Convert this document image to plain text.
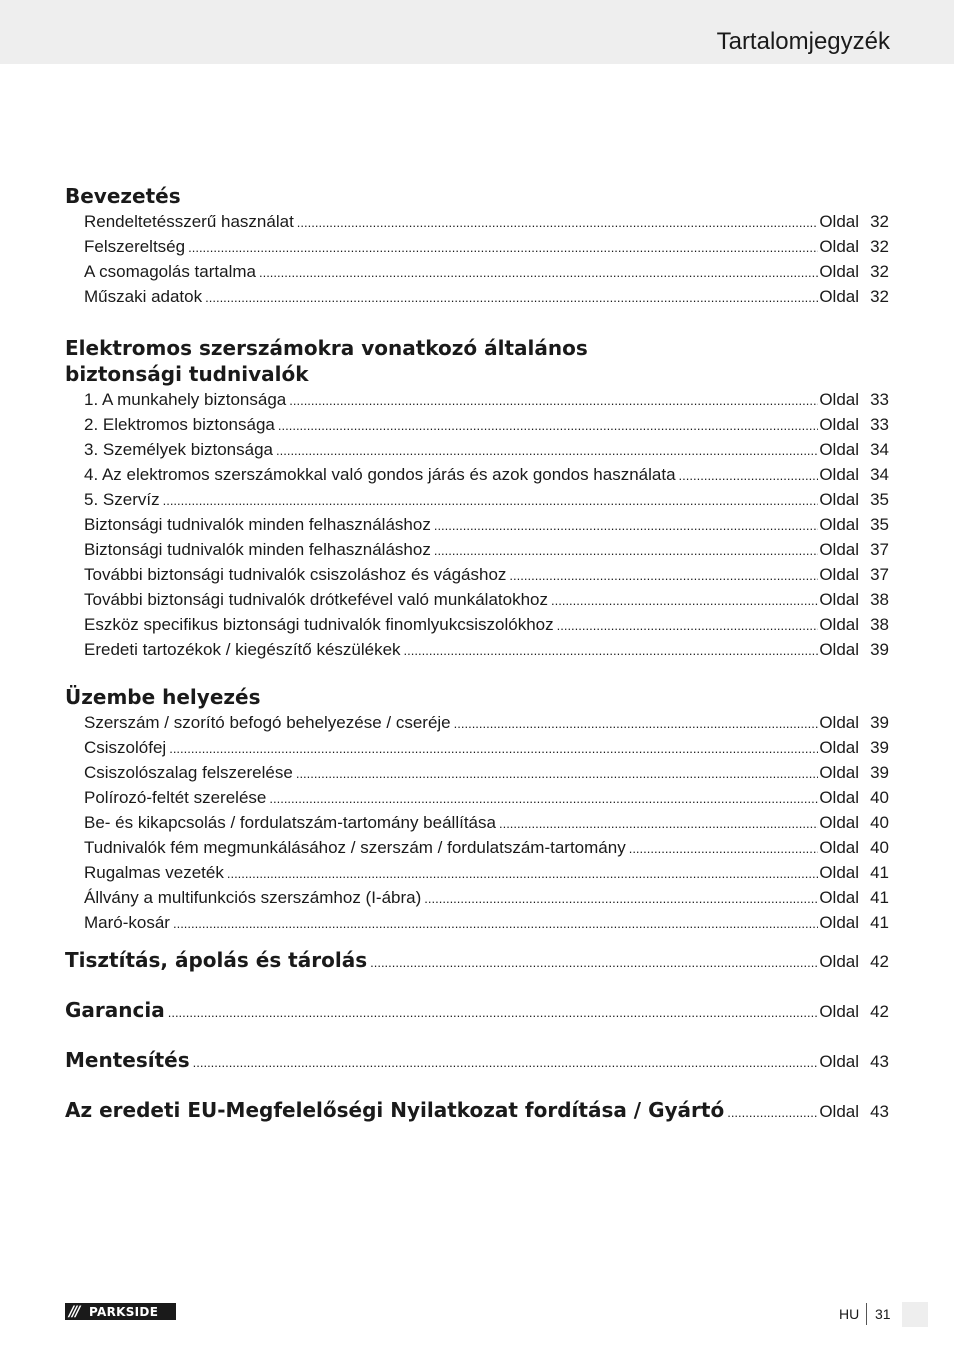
Tartalomjegyzék
Bevezetés
Rendeltetésszerű használat .....	Oldal 32
Felszereltség .....	Oldal 32
A csomagolás tartalma .....	Oldal 32
Műszaki adatok .....	Oldal 32
Elektromos szerszámokra vonatkozó általános
biztonsági tudnivalók
1. A munkahely biztonsága .....	Oldal 33
2. Elektromos biztonsága .....	Oldal 33
3. Személyek biztonsága .....	Oldal 34
4. Az elektromos szerszámokkal való gondos járás és azok gondos használata .....	Oldal 34
5. Szervíz .....	Oldal 35
Biztonsági tudnivalók minden felhasználáshoz .....	Oldal 35
Biztonsági tudnivalók minden felhasználáshoz .....	Oldal 37
További biztonsági tudnivalók csiszoláshoz és vágáshoz .....	Oldal 37
További biztonsági tudnivalók drótkefével való munkálatokhoz .....	Oldal 38
Eszköz specifikus biztonsági tudnivalók finomlyukcsiszolókhoz .....	Oldal 38
Eredeti tartozékok / kiegészítő készülékek .....	Oldal 39
Üzembe helyezés
Szerszám / szorító befogó behelyezése / cseréje .....	Oldal 39
Csiszolófej .....	Oldal 39
Csiszolószalag felszerelése .....	Oldal 39
Polírozó-feltét szerelése .....	Oldal 40
Be- és kikapcsolás / fordulatszám-tartomány beállítása .....	Oldal 40
Tudnivalók fém megmunkálásához / szerszám / fordulatszám-tartomány .....	Oldal 40
Rugalmas vezeték .....	Oldal 41
Állvány a multifunkciós szerszámhoz (I-ábra) .....	Oldal 41
Maró-kosár .....	Oldal 41
Tisztítás, ápolás és tárolás .....	Oldal 42
Garancia .....	Oldal 42
Mentesítés .....	Oldal 43
Az eredeti EU-Megfelelőségi Nyilatkozat fordítása / Gyártó .....	Oldal 43
/// PARKSIDE	HU 31
